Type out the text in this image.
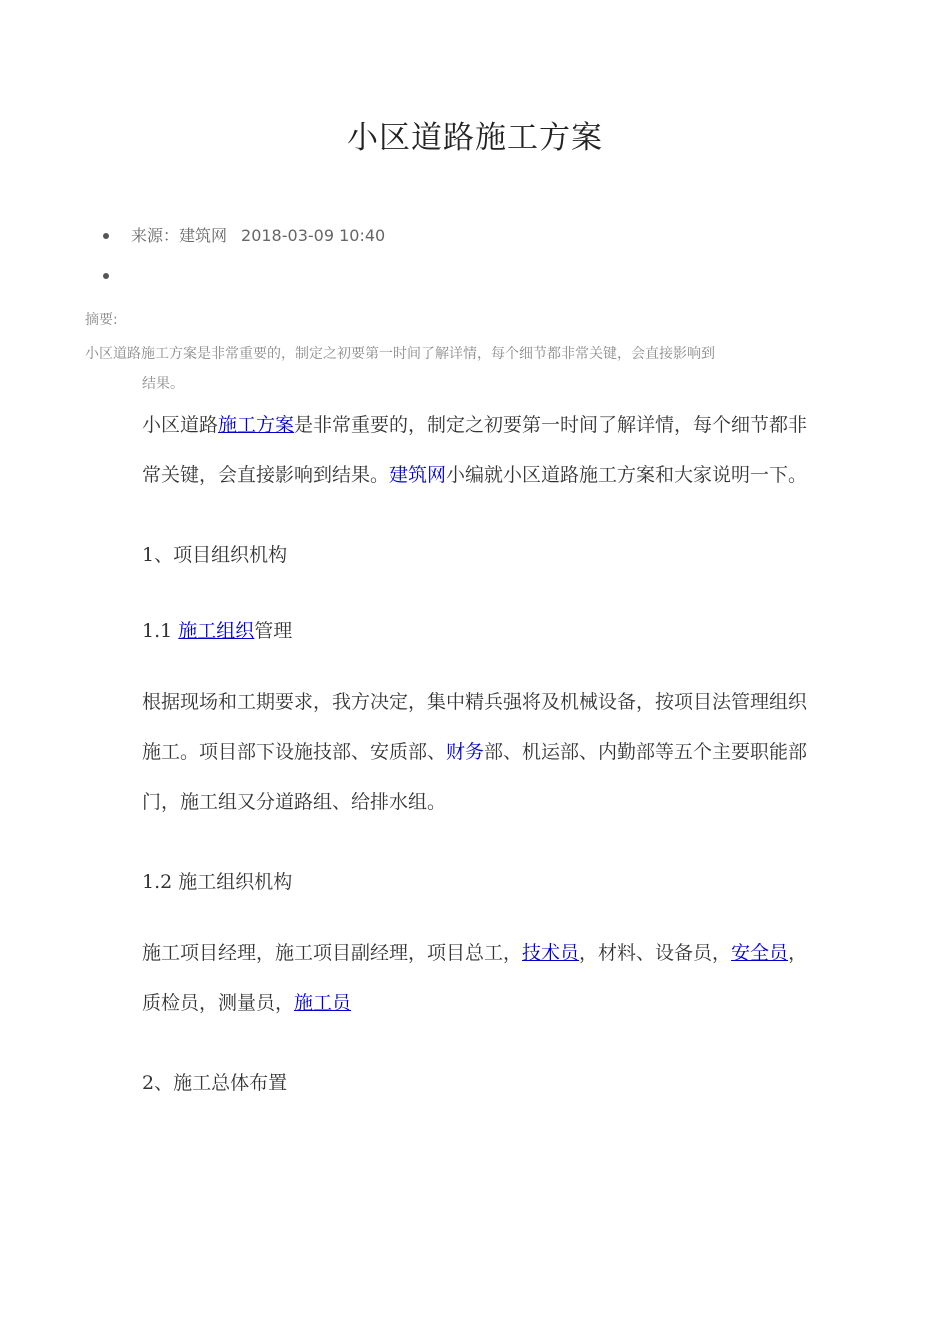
小区道路施工方案
来源：建筑网 2018-03-09 10:40
摘要:
小区道路施工方案是非常重要的，制定之初要第一时间了解详情，每个细节都非常关键，会直接影响到
结果。

小区道路施工方案是非常重要的，制定之初要第一时间了解详情，每个细节都非常关键，会直接影响到结果。建筑网小编就小区道路施工方案和大家说明一下。

1、项目组织机构

1.1 施工组织管理

根据现场和工期要求，我方决定，集中精兵强将及机械设备，按项目法管理组织施工。项目部下设施技部、安质部、财务部、机运部、内勤部等五个主要职能部门，施工组又分道路组、给排水组。

1.2 施工组织机构

施工项目经理，施工项目副经理，项目总工，技术员，材料、设备员，安全员，质检员，测量员，施工员

2、施工总体布置
